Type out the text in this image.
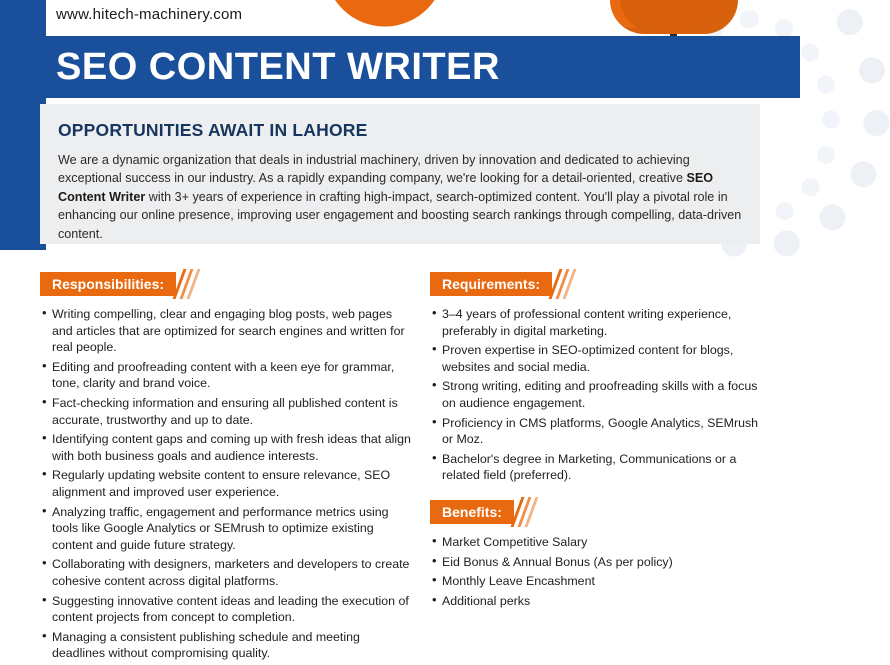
www.hitech-machinery.com
SEO CONTENT WRITER
OPPORTUNITIES AWAIT IN LAHORE
We are a dynamic organization that deals in industrial machinery, driven by innovation and dedicated to achieving exceptional success in our industry. As a rapidly expanding company, we're looking for a detail-oriented, creative SEO Content Writer with 3+ years of experience in crafting high-impact, search-optimized content. You'll play a pivotal role in enhancing our online presence, improving user engagement and boosting search rankings through compelling, data-driven content.
Responsibilities:	Requirements:
Benefits:
• Writing compelling, clear and engaging blog posts, web pages and articles that are optimized for search engines and written for real people.
• Editing and proofreading content with a keen eye for grammar, tone, clarity and brand voice.
• Fact-checking information and ensuring all published content is accurate, trustworthy and up to date.
• Identifying content gaps and coming up with fresh ideas that align with both business goals and audience interests.
• Regularly updating website content to ensure relevance, SEO alignment and improved user experience.
• Analyzing traffic, engagement and performance metrics using tools like Google Analytics or SEMrush to optimize existing content and guide future strategy.
• Collaborating with designers, marketers and developers to create cohesive content across digital platforms.
• Suggesting innovative content ideas and leading the execution of content projects from concept to completion.
• Managing a consistent publishing schedule and meeting deadlines without compromising quality.
• 3–4 years of professional content writing experience, preferably in digital marketing.
• Proven expertise in SEO-optimized content for blogs, websites and social media.
• Strong writing, editing and proofreading skills with a focus on audience engagement.
• Proficiency in CMS platforms, Google Analytics, SEMrush or Moz.
• Bachelor's degree in Marketing, Communications or a related field (preferred).
• Market Competitive Salary
• Eid Bonus & Annual Bonus (As per policy)
• Monthly Leave Encashment
• Additional perks
